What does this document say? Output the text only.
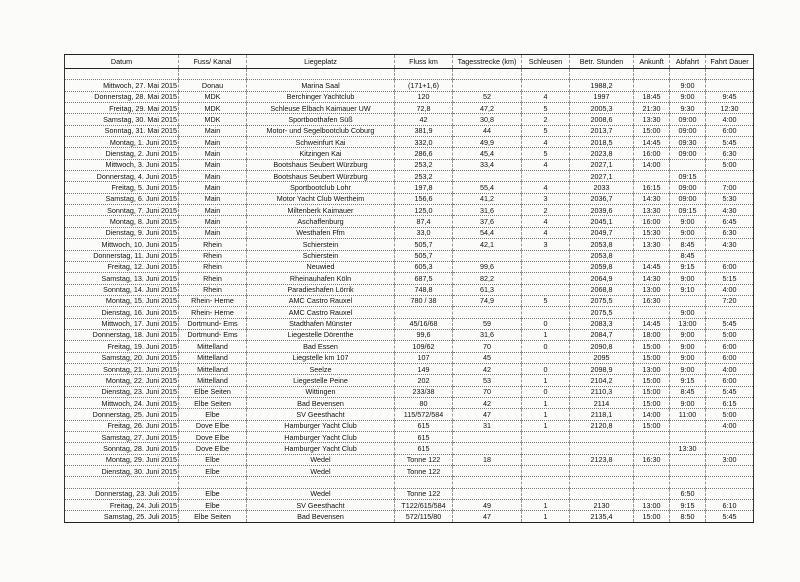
Datum	Fuss/ Kanal	Liegeplatz	Fluss km	Tagesstrecke (km)	Schleusen	Betr. Stunden	Ankunft	Abfahrt	Fahrt Dauer

Mittwoch, 27. Mai 2015	Donau	Marina Saal	(171+1,6)			1988,2		9:00	
Donnerstag, 28. Mai 2015	MDK	Berchinger Yachtclub	120	52	4	1997	18:45	9:00	9:45
Freitag, 29. Mai 2015	MDK	Schleuse Elbach Kaimauer UW	72,8	47,2	5	2005,3	21:30	9:30	12:30
Samstag, 30. Mai 2015	MDK	Sportboothafen Süß	42	30,8	2	2008,6	13:30	09:00	4:00
Sonntag, 31. Mai 2015	Main	Motor- und Segelbootclub Coburg	381,9	44	5	2013,7	15:00	09:00	6:00
Montag, 1. Juni 2015	Main	Schweinfurt Kai	332,0	49,9	4	2018,5	14:45	09:30	5:45
Dienstag, 2. Juni 2015	Main	Kitzingen Kai	286,6	45,4	5	2023,8	16:00	09:00	6:30
Mittwoch, 3. Juni 2015	Main	Bootshaus Seubert Würzburg	253,2	33,4	4	2027,1	14:00		5:00
Donnerstag, 4. Juni 2015	Main	Bootshaus Seubert Würzburg	253,2			2027,1		09:15	
Freitag, 5. Juni 2015	Main	Sportbootclub Lohr	197,8	55,4	4	2033	16:15	09:00	7:00
Samstag, 6. Juni 2015	Main	Motor Yacht Club Wertheim	156,6	41,2	3	2036,7	14:30	09:00	5:30
Sonntag, 7. Juni 2015	Main	Miltenberk Kaimauer	125,0	31,6	2	2039,6	13:30	09:15	4:30
Montag, 8. Juni 2015	Main	Aschaffenburg	87,4	37,6	4	2045,1	16:00	9:00	6:45
Dienstag, 9. Juni 2015	Main	Westhafen Ffm	33,0	54,4	4	2049,7	15:30	9:00	6:30
Mittwoch, 10. Juni 2015	Rhein	Schierstein	505,7	42,1	3	2053,8	13:30	8:45	4:30
Donnerstag, 11. Juni 2015	Rhein	Schierstein	505,7			2053,8		8:45	
Freitag, 12. Juni 2015	Rhein	Neuwied	605,3	99,6		2059,8	14:45	9:15	6:00
Samstag, 13. Juni 2015	Rhein	Rheinauhafen Köln	687,5	82,2		2064,9	14:30	9:00	5:15
Sonntag, 14. Juni 2015	Rhein	Paradieshafen Lörrik	748,8	61,3		2068,8	13:00	9:10	4:00
Montag, 15. Juni 2015	Rhein- Herne	AMC Castro Rauxel	780 / 38	74,9	5	2075,5	16:30		7:20
Dienstag, 16. Juni 2015	Rhein- Herne	AMC Castro Rauxel				2075,5		9:00	
Mittwoch, 17. Juni 2015	Dortmund- Ems	Stadthafen Münster	45/16/68	59	0	2083,3	14:45	13:00	5:45
Donnerstag, 18. Juni 2015	Dortmund- Ems	Liegestelle Dörenthe	99,6	31,6	1	2084,7	18:00	9:00	5:00
Freitag, 19. Juni 2015	Mittelland	Bad Essen	109/62	70	0	2090,8	15:00	9:00	6:00
Samstag, 20. Juni 2015	Mittelland	Liegstelle km 107	107	45		2095	15:00	9:00	6:00
Sonntag, 21. Juni 2015	Mittelland	Seelze	149	42	0	2098,9	13:00	9:00	4:00
Montag, 22. Juni 2015	Mittelland	Liegestelle Peine	202	53	1	2104,2	15:00	9:15	6:00
Dienstag, 23. Juni 2015	Elbe Seiten	Wittingen	233/38	70	0	2110,3	15:00	8:45	5:45
Mittwoch, 24. Juni 2015	Elbe Seiten	Bad Bevensen	80	42	1	2114	15:00	9:00	6:15
Donnerstag, 25. Juni 2015	Elbe	SV Geesthacht	115/572/584	47	1	2118,1	14:00	11:00	5:00
Freitag, 26. Juni 2015	Dove Elbe	Hamburger Yacht Club	615	31	1	2120,8	15:00		4:00
Samstag, 27. Juni 2015	Dove Elbe	Hamburger Yacht Club	615						
Sonntag, 28. Juni 2015	Dove Elbe	Hamburger Yacht Club	615					13:30	
Montag, 29. Juni 2015	Elbe	Wedel	Tonne 122	18		2123,8	16:30		3:00
Dienstag, 30. Juni 2015	Elbe	Wedel	Tonne 122						

Donnerstag, 23. Juli 2015	Elbe	Wedel	Tonne 122					6:50	
Freitag, 24. Juli 2015	Elbe	SV Geesthacht	T122/615/584	49	1	2130	13:00	9:15	6:10
Samstag, 25. Juli 2015	Elbe Seiten	Bad Bevensen	572/115/80	47	1	2135,4	15:00	8:50	5:45
